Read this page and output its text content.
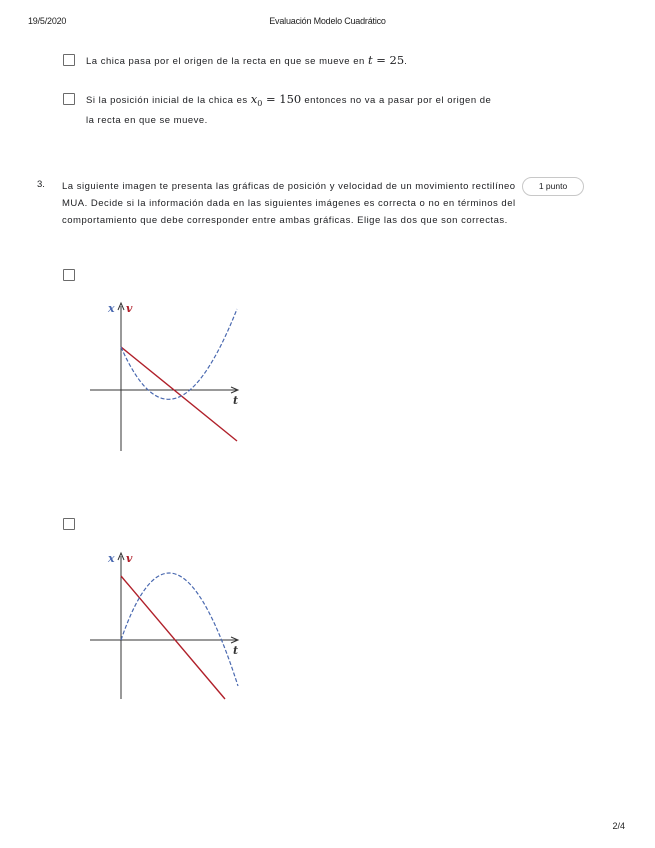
19/5/2020	Evaluación Modelo Cuadrático
La chica pasa por el origen de la recta en que se mueve en t = 25.
Si la posición inicial de la chica es $x_0 = 150$ entonces no va a pasar por el origen de
la recta en que se mueve.
3. La siguiente imagen te presenta las gráficas de posición y velocidad de un movimiento rectilíneo MUA. Decide si la información dada en las siguientes imágenes es correcta o no en términos del comportamiento que debe corresponder entre ambas gráficas. Elige las dos que son correctas.
1 punto
x v
t
x v
t
2/4
